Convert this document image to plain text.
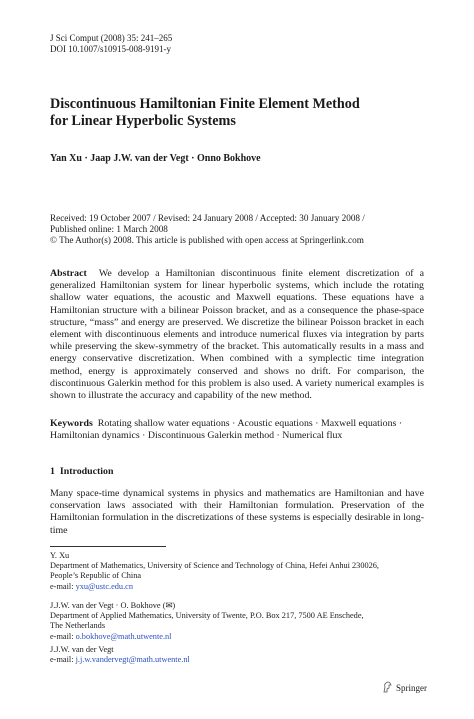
J Sci Comput (2008) 35: 241–265
DOI 10.1007/s10915-008-9191-y
Discontinuous Hamiltonian Finite Element Method
for Linear Hyperbolic Systems
Yan Xu · Jaap J.W. van der Vegt · Onno Bokhove
Received: 19 October 2007 / Revised: 24 January 2008 / Accepted: 30 January 2008 /
Published online: 1 March 2008
© The Author(s) 2008. This article is published with open access at Springerlink.com

Abstract We develop a Hamiltonian discontinuous finite element discretization of a generalized Hamiltonian system for linear hyperbolic systems, which include the rotating shallow water equations, the acoustic and Maxwell equations. These equations have a Hamiltonian structure with a bilinear Poisson bracket, and as a consequence the phase-space structure, “mass” and energy are preserved. We discretize the bilinear Poisson bracket in each element with discontinuous elements and introduce numerical fluxes via integration by parts while preserving the skew-symmetry of the bracket. This automatically results in a mass and energy conservative discretization. When combined with a symplectic time integration method, energy is approximately conserved and shows no drift. For comparison, the discontinuous Galerkin method for this problem is also used. A variety numerical examples is shown to illustrate the accuracy and capability of the new method.

Keywords Rotating shallow water equations · Acoustic equations · Maxwell equations · Hamiltonian dynamics · Discontinuous Galerkin method · Numerical flux

1 Introduction

Many space-time dynamical systems in physics and mathematics are Hamiltonian and have conservation laws associated with their Hamiltonian formulation. Preservation of the Hamiltonian formulation in the discretizations of these systems is especially desirable in long-time

Y. Xu
Department of Mathematics, University of Science and Technology of China, Hefei Anhui 230026,
People’s Republic of China
e-mail: yxu@ustc.edu.cn
J.J.W. van der Vegt · O. Bokhove (✉)
Department of Applied Mathematics, University of Twente, P.O. Box 217, 7500 AE Enschede,
The Netherlands
e-mail: o.bokhove@math.utwente.nl
J.J.W. van der Vegt
e-mail: j.j.w.vandervegt@math.utwente.nl
Springer
